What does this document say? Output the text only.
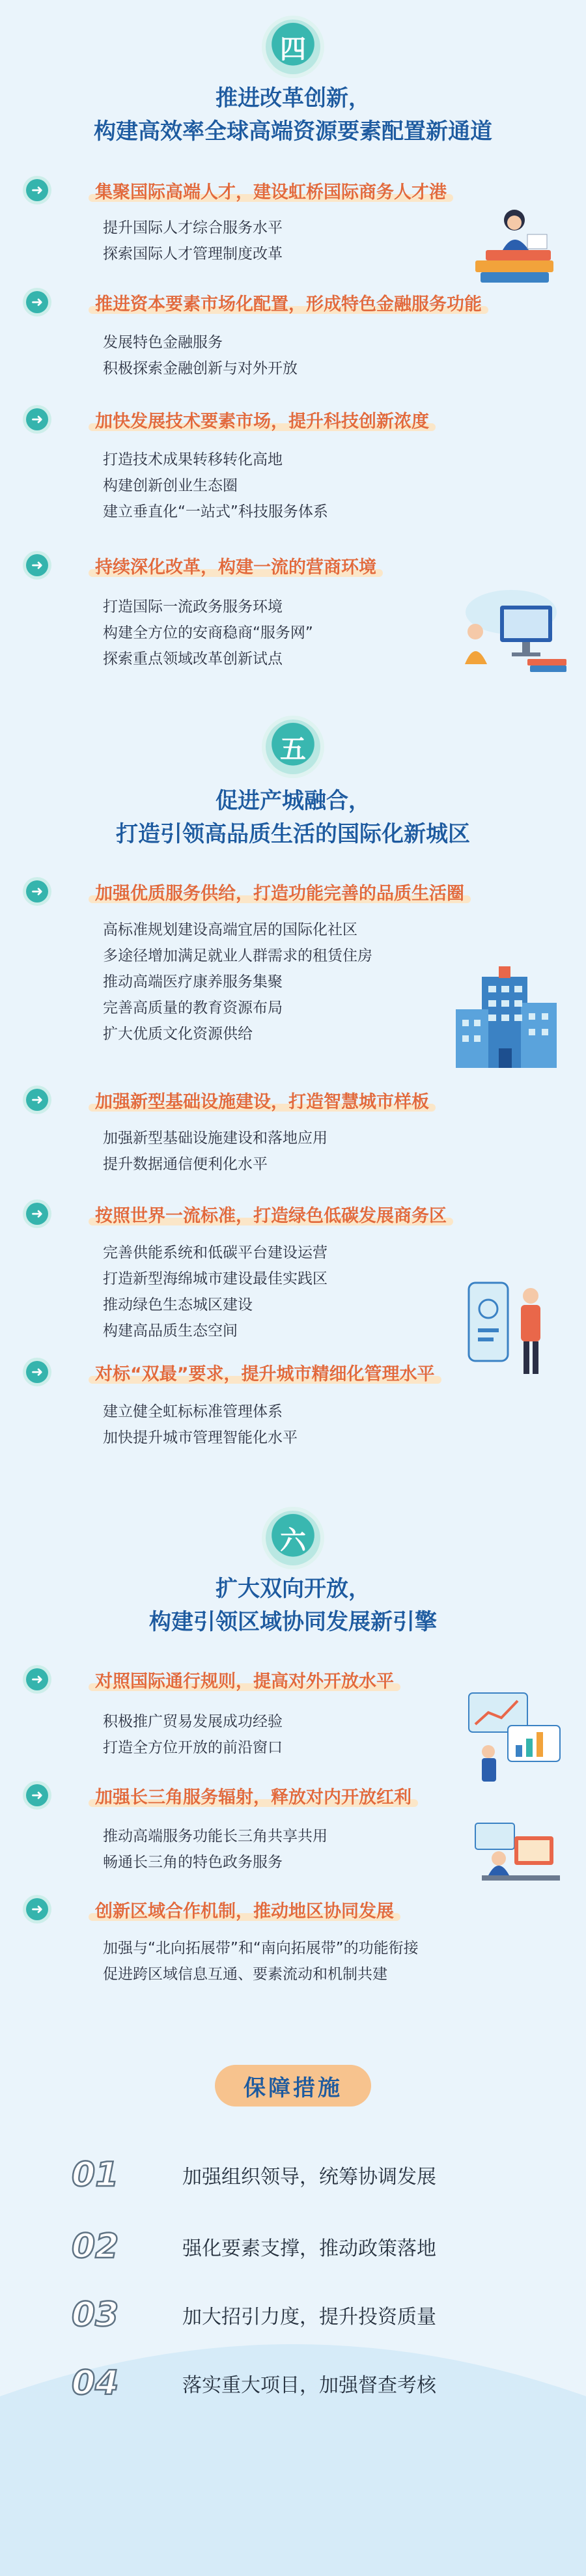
四
推进改革创新，
构建高效率全球高端资源要素配置新通道
➜	集聚国际高端人才，建设虹桥国际商务人才港
提升国际人才综合服务水平
探索国际人才管理制度改革
➜	推进资本要素市场化配置，形成特色金融服务功能
发展特色金融服务
积极探索金融创新与对外开放
➜	加快发展技术要素市场，提升科技创新浓度
打造技术成果转移转化高地
构建创新创业生态圈
建立垂直化“一站式”科技服务体系
➜	持续深化改革，构建一流的营商环境
打造国际一流政务服务环境
构建全方位的安商稳商“服务网”
探索重点领域改革创新试点
五
促进产城融合，
打造引领高品质生活的国际化新城区
➜	加强优质服务供给，打造功能完善的品质生活圈
高标准规划建设高端宜居的国际化社区
多途径增加满足就业人群需求的租赁住房
推动高端医疗康养服务集聚
完善高质量的教育资源布局
扩大优质文化资源供给
➜	加强新型基础设施建设，打造智慧城市样板
加强新型基础设施建设和落地应用
提升数据通信便利化水平
➜	按照世界一流标准，打造绿色低碳发展商务区
完善供能系统和低碳平台建设运营
打造新型海绵城市建设最佳实践区
推动绿色生态城区建设
构建高品质生态空间
➜	对标“双最”要求，提升城市精细化管理水平
建立健全虹标标准管理体系
加快提升城市管理智能化水平
六
扩大双向开放，
构建引领区域协同发展新引擎
➜	对照国际通行规则，提高对外开放水平
积极推广贸易发展成功经验
打造全方位开放的前沿窗口
➜	加强长三角服务辐射，释放对内开放红利
推动高端服务功能长三角共享共用
畅通长三角的特色政务服务
➜	创新区域合作机制，推动地区协同发展
加强与“北向拓展带”和“南向拓展带”的功能衔接
促进跨区域信息互通、要素流动和机制共建
保障措施
01	加强组织领导，统筹协调发展
02	强化要素支撑，推动政策落地
03	加大招引力度，提升投资质量
04	落实重大项目，加强督查考核
